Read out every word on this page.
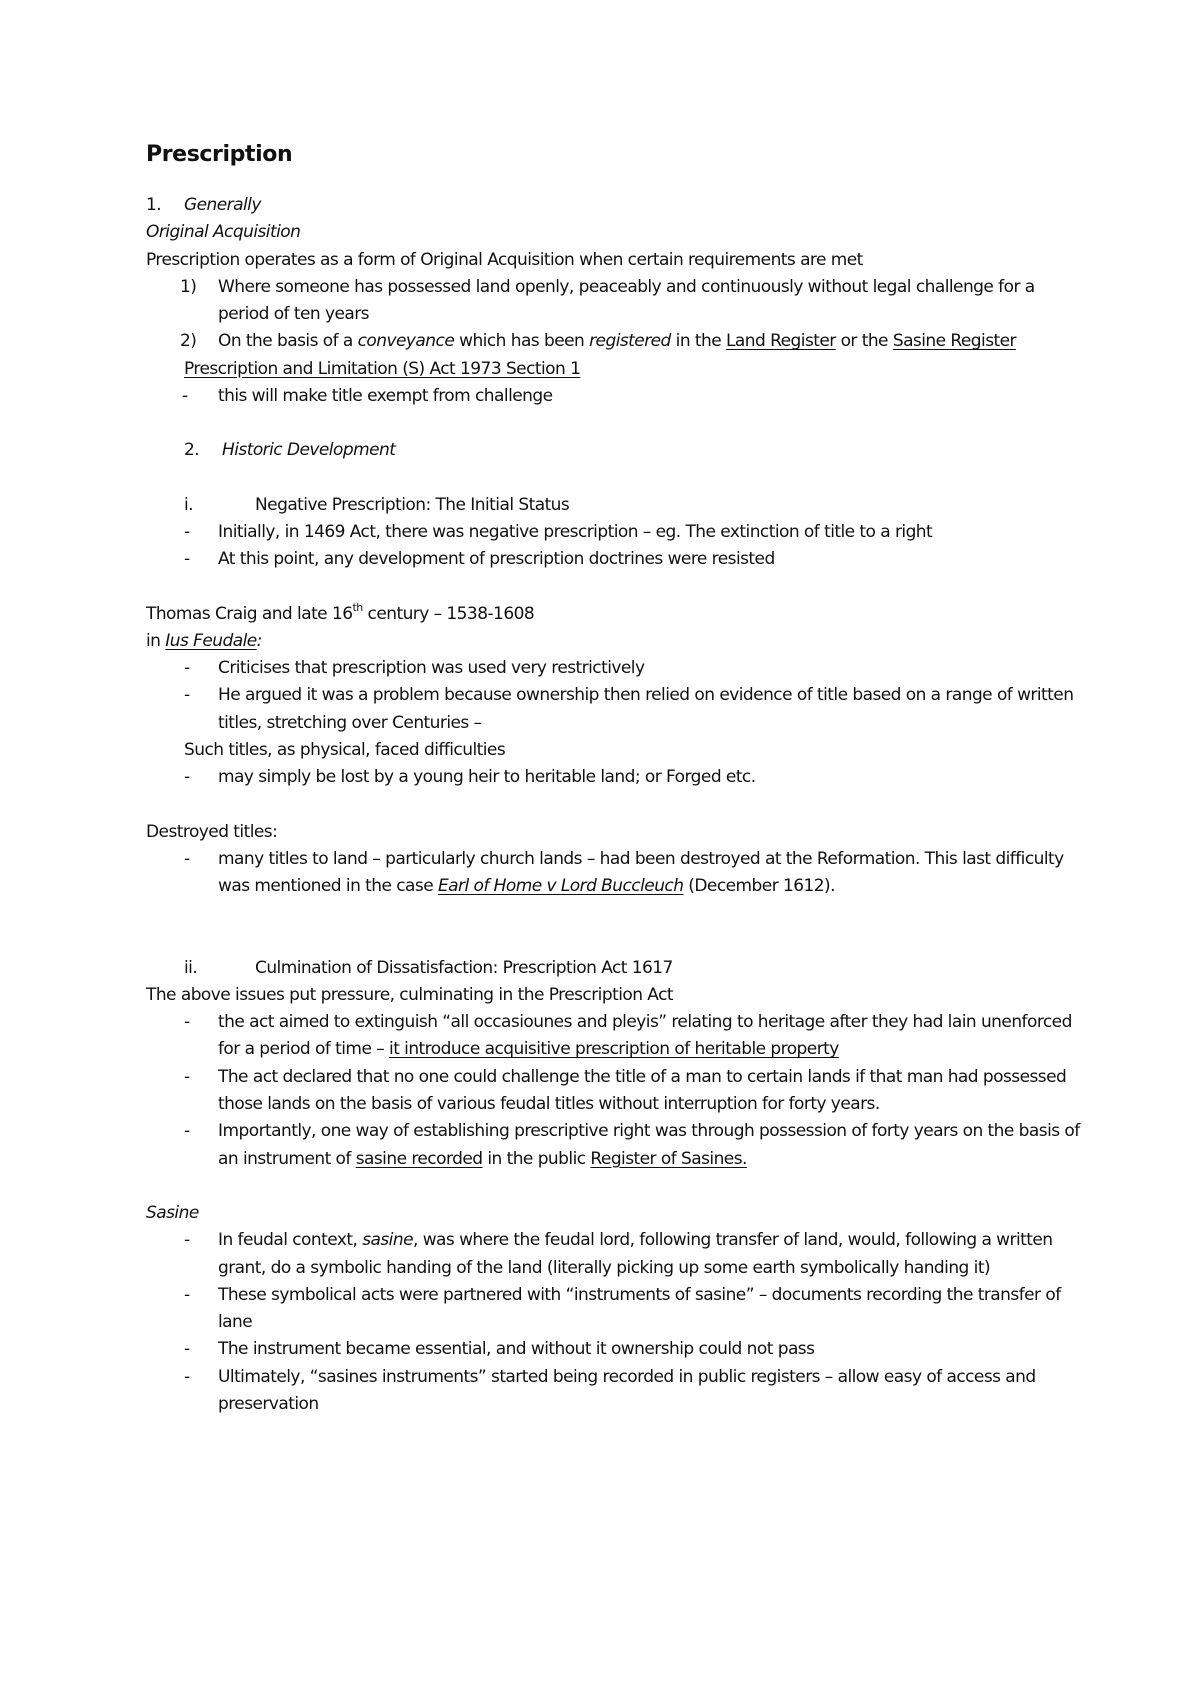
Prescription
1. Generally
Original Acquisition
Prescription operates as a form of Original Acquisition when certain requirements are met
1)	Where someone has possessed land openly, peaceably and continuously without legal challenge for a period of ten years
2)	On the basis of a conveyance which has been registered in the Land Register or the Sasine Register
Prescription and Limitation (S) Act 1973 Section 1
-	this will make title exempt from challenge
2. Historic Development
i.	Negative Prescription: The Initial Status
-	Initially, in 1469 Act, there was negative prescription – eg. The extinction of title to a right
-	At this point, any development of prescription doctrines were resisted
Thomas Craig and late 16th century – 1538-1608
in Ius Feudale:
-	Criticises that prescription was used very restrictively
-	He argued it was a problem because ownership then relied on evidence of title based on a range of written titles, stretching over Centuries –
Such titles, as physical, faced difficulties
-	may simply be lost by a young heir to heritable land; or Forged etc.
Destroyed titles:
-	many titles to land – particularly church lands – had been destroyed at the Reformation. This last difficulty was mentioned in the case Earl of Home v Lord Buccleuch (December 1612).
ii.	Culmination of Dissatisfaction: Prescription Act 1617
The above issues put pressure, culminating in the Prescription Act
-	the act aimed to extinguish “all occasiounes and pleyis” relating to heritage after they had lain unenforced for a period of time – it introduce acquisitive prescription of heritable property
-	The act declared that no one could challenge the title of a man to certain lands if that man had possessed those lands on the basis of various feudal titles without interruption for forty years.
-	Importantly, one way of establishing prescriptive right was through possession of forty years on the basis of an instrument of sasine recorded in the public Register of Sasines.
Sasine
-	In feudal context, sasine, was where the feudal lord, following transfer of land, would, following a written grant, do a symbolic handing of the land (literally picking up some earth symbolically handing it)
-	These symbolical acts were partnered with “instruments of sasine” – documents recording the transfer of lane
-	The instrument became essential, and without it ownership could not pass
-	Ultimately, “sasines instruments” started being recorded in public registers – allow easy of access and preservation
